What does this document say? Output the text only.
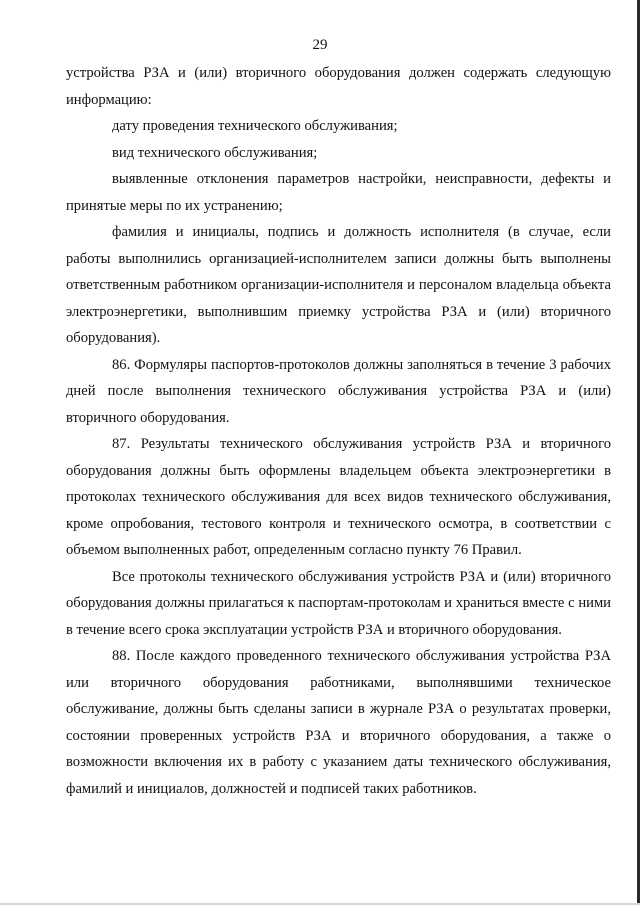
29

устройства РЗА и (или) вторичного оборудования должен содержать следующую информацию:

дату проведения технического обслуживания;

вид технического обслуживания;

выявленные отклонения параметров настройки, неисправности, дефекты и принятые меры по их устранению;

фамилия и инициалы, подпись и должность исполнителя (в случае, если работы выполнились организацией-исполнителем записи должны быть выполнены ответственным работником организации-исполнителя и персоналом владельца объекта электроэнергетики, выполнившим приемку устройства РЗА и (или) вторичного оборудования).

86. Формуляры паспортов-протоколов должны заполняться в течение 3 рабочих дней после выполнения технического обслуживания устройства РЗА и (или) вторичного оборудования.

87. Результаты технического обслуживания устройств РЗА и вторичного оборудования должны быть оформлены владельцем объекта электроэнергетики в протоколах технического обслуживания для всех видов технического обслуживания, кроме опробования, тестового контроля и технического осмотра, в соответствии с объемом выполненных работ, определенным согласно пункту 76 Правил.

Все протоколы технического обслуживания устройств РЗА и (или) вторичного оборудования должны прилагаться к паспортам-протоколам и храниться вместе с ними в течение всего срока эксплуатации устройств РЗА и вторичного оборудования.

88. После каждого проведенного технического обслуживания устройства РЗА или вторичного оборудования работниками, выполнявшими техническое обслуживание, должны быть сделаны записи в журнале РЗА о результатах проверки, состоянии проверенных устройств РЗА и вторичного оборудования, а также о возможности включения их в работу с указанием даты технического обслуживания, фамилий и инициалов, должностей и подписей таких работников.
